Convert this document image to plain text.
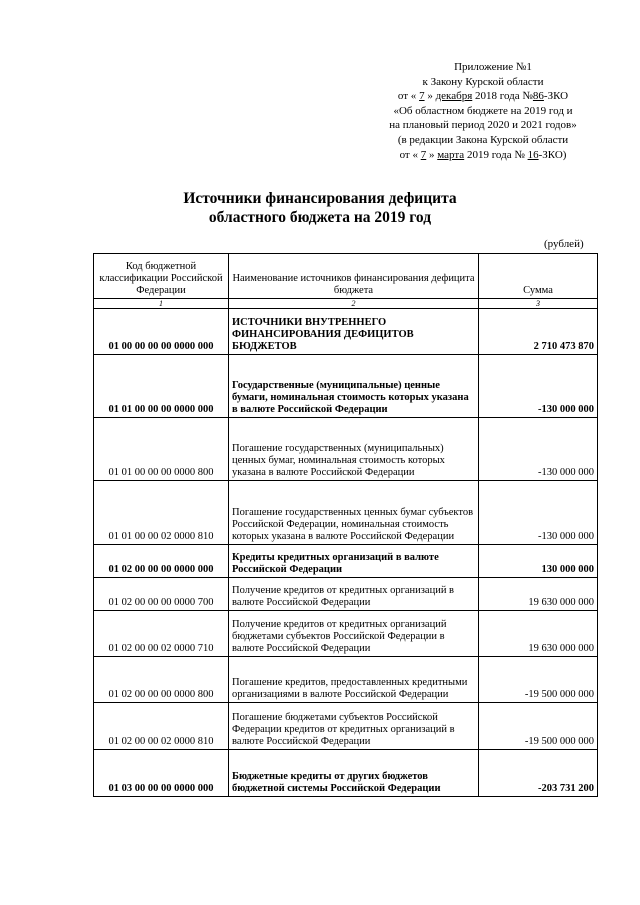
Приложение №1
к Закону Курской области
от « 7 » декабря 2018 года №86-ЗКО
«Об областном бюджете на 2019 год и
на плановый период 2020 и 2021 годов»
(в редакции Закона Курской области
от « 7 » марта 2019 года № 16-ЗКО)
Источники финансирования дефицита
областного бюджета на 2019 год
(рублей)
Код бюджетной классификации Российской Федерации	Наименование источников финансирования дефицита бюджета	Сумма
1	2	3
01 00 00 00 00 0000 000	ИСТОЧНИКИ ВНУТРЕННЕГО ФИНАНСИРОВАНИЯ ДЕФИЦИТОВ БЮДЖЕТОВ	2 710 473 870
01 01 00 00 00 0000 000	Государственные (муниципальные) ценные бумаги, номинальная стоимость которых указана в валюте Российской Федерации	-130 000 000
01 01 00 00 00 0000 800	Погашение государственных (муниципальных) ценных бумаг, номинальная стоимость которых указана в валюте Российской Федерации	-130 000 000
01 01 00 00 02 0000 810	Погашение государственных ценных бумаг субъектов Российской Федерации, номинальная стоимость которых указана в валюте Российской Федерации	-130 000 000
01 02 00 00 00 0000 000	Кредиты кредитных организаций в валюте Российской Федерации	130 000 000
01 02 00 00 00 0000 700	Получение кредитов от кредитных организаций в валюте Российской Федерации	19 630 000 000
01 02 00 00 02 0000 710	Получение кредитов от кредитных организаций бюджетами субъектов Российской Федерации в валюте Российской Федерации	19 630 000 000
01 02 00 00 00 0000 800	Погашение кредитов, предоставленных кредитными организациями в валюте Российской Федерации	-19 500 000 000
01 02 00 00 02 0000 810	Погашение бюджетами субъектов Российской Федерации кредитов от кредитных организаций в валюте Российской Федерации	-19 500 000 000
01 03 00 00 00 0000 000	Бюджетные кредиты от других бюджетов бюджетной системы Российской Федерации	-203 731 200
